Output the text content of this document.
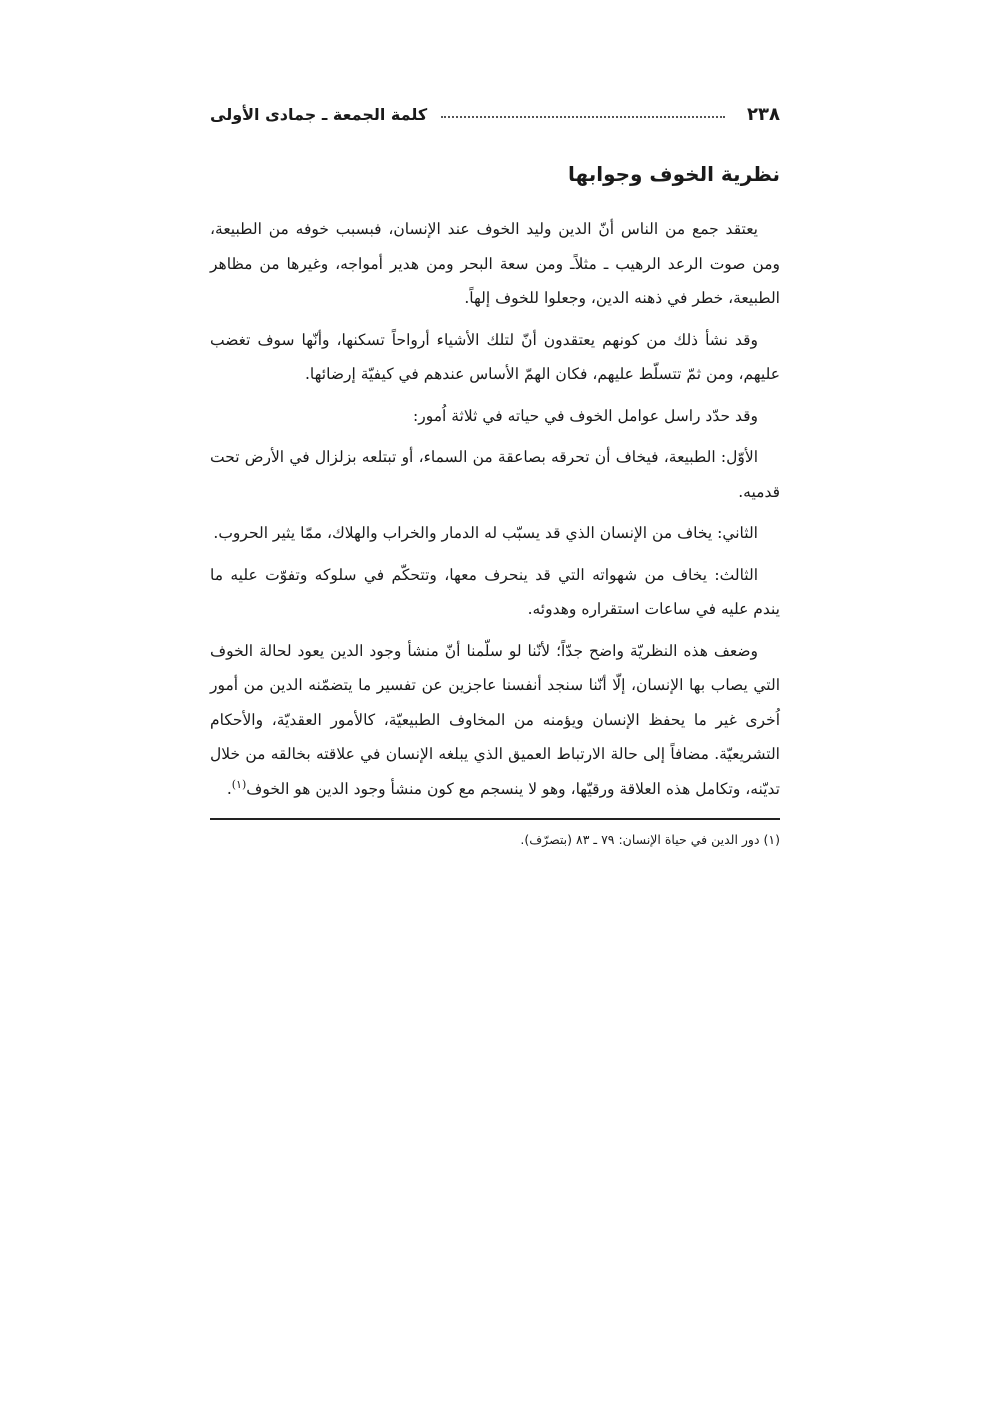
٢٣٨
كلمة الجمعة ـ جمادى الأولى
نظرية الخوف وجوابها

يعتقد جمع من الناس أنّ الدين وليد الخوف عند الإنسان، فبسبب خوفه من الطبيعة، ومن صوت الرعد الرهيب ـ مثلاًـ ومن سعة البحر ومن هدير أمواجه، وغيرها من مظاهر الطبيعة، خطر في ذهنه الدين، وجعلوا للخوف إلهاً.

وقد نشأ ذلك من كونهم يعتقدون أنّ لتلك الأشياء أرواحاً تسكنها، وأنّها سوف تغضب عليهم، ومن ثمّ تتسلّط عليهم، فكان الهمّ الأساس عندهم في كيفيّة إرضائها.

وقد حدّد راسل عوامل الخوف في حياته في ثلاثة اُمور:

الأوّل: الطبيعة، فيخاف أن تحرقه بصاعقة من السماء، أو تبتلعه بزلزال في الأرض تحت قدميه.

الثاني: يخاف من الإنسان الذي قد يسبّب له الدمار والخراب والهلاك، ممّا يثير الحروب.

الثالث: يخاف من شهواته التي قد ينحرف معها، وتتحكّم في سلوكه وتفوّت عليه ما يندم عليه في ساعات استقراره وهدوئه.

وضعف هذه النظريّة واضح جدّاً؛ لأنّنا لو سلّمنا أنّ منشأ وجود الدين يعود لحالة الخوف التي يصاب بها الإنسان، إلّا أنّنا سنجد أنفسنا عاجزين عن تفسير ما يتضمّنه الدين من أمور اُخرى غير ما يحفظ الإنسان ويؤمنه من المخاوف الطبيعيّة، كالأمور العقديّة، والأحكام التشريعيّة. مضافاً إلى حالة الارتباط العميق الذي يبلغه الإنسان في علاقته بخالقه من خلال تديّنه، وتكامل هذه العلاقة ورقيّها، وهو لا ينسجم مع كون منشأ وجود الدين هو الخوف$^{(١)}$.

(١) دور الدين في حياة الإنسان: ٧٩ ـ ٨٣ (بتصرّف).
